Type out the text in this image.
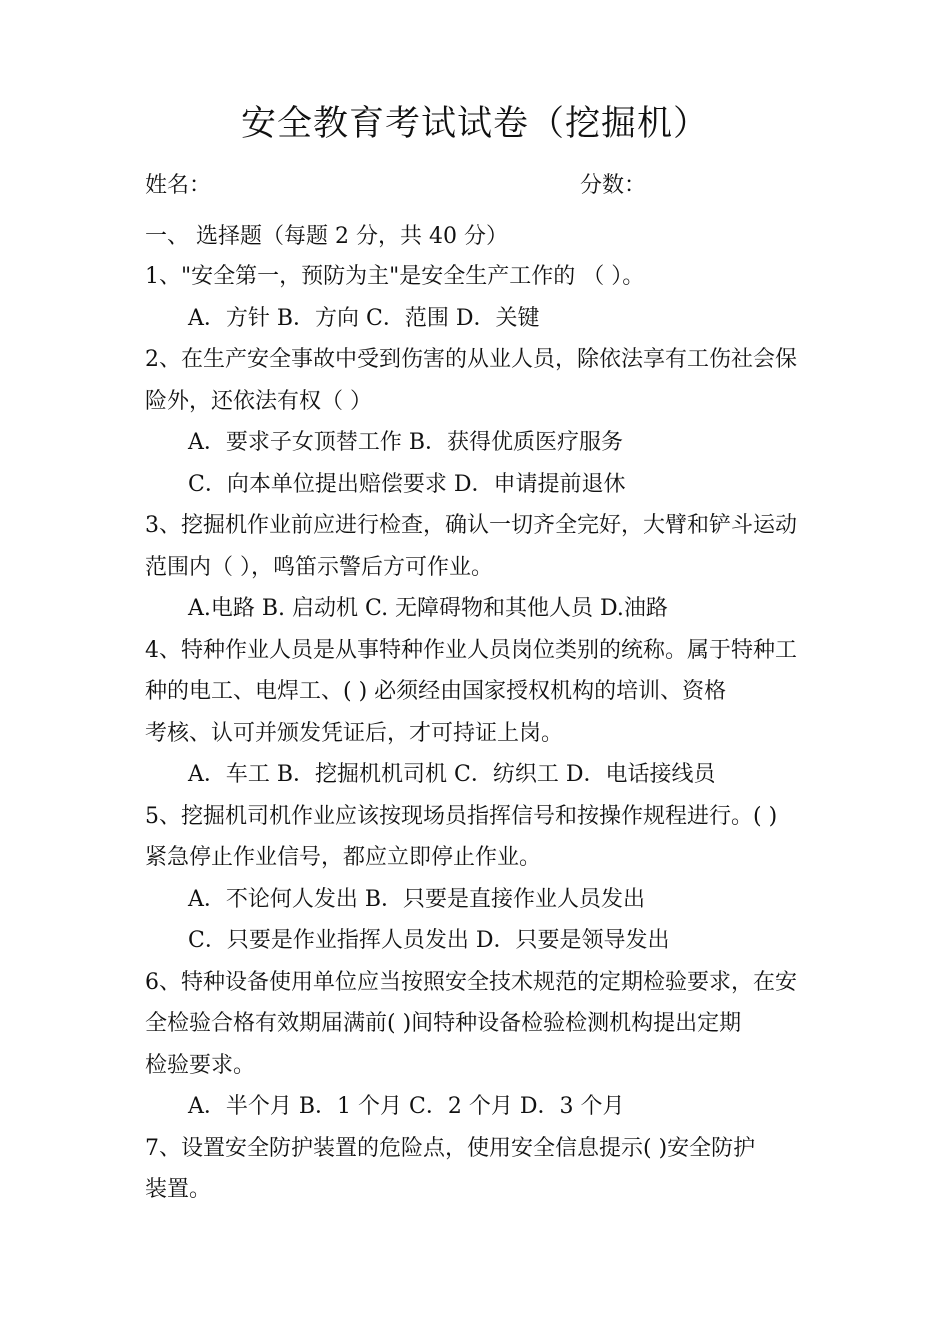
安全教育考试试卷（挖掘机）
姓名：	分数：
一、 选择题（每题 2 分，共 40 分）
1、"安全第一，预防为主"是安全生产工作的 （ ）。
A．方针 B．方向 C．范围 D．关键
2、在生产安全事故中受到伤害的从业人员，除依法享有工伤社会保
险外，还依法有权（ ）
A．要求子女顶替工作 B．获得优质医疗服务
C．向本单位提出赔偿要求 D．申请提前退休
3、挖掘机作业前应进行检查，确认一切齐全完好，大臂和铲斗运动
范围内（ ），鸣笛示警后方可作业。
A.电路 B. 启动机 C. 无障碍物和其他人员 D.油路
4、特种作业人员是从事特种作业人员岗位类别的统称。属于特种工
种的电工、电焊工、( ) 必须经由国家授权机构的培训、资格
考核、认可并颁发凭证后，才可持证上岗。
A．车工 B．挖掘机机司机 C．纺织工 D．电话接线员
5、挖掘机司机作业应该按现场员指挥信号和按操作规程进行。( )
紧急停止作业信号，都应立即停止作业。
A．不论何人发出 B．只要是直接作业人员发出
C．只要是作业指挥人员发出 D．只要是领导发出
6、特种设备使用单位应当按照安全技术规范的定期检验要求，在安
全检验合格有效期届满前( )间特种设备检验检测机构提出定期
检验要求。
A．半个月 B．1 个月 C．2 个月 D．3 个月
7、设置安全防护装置的危险点，使用安全信息提示( )安全防护
装置。
